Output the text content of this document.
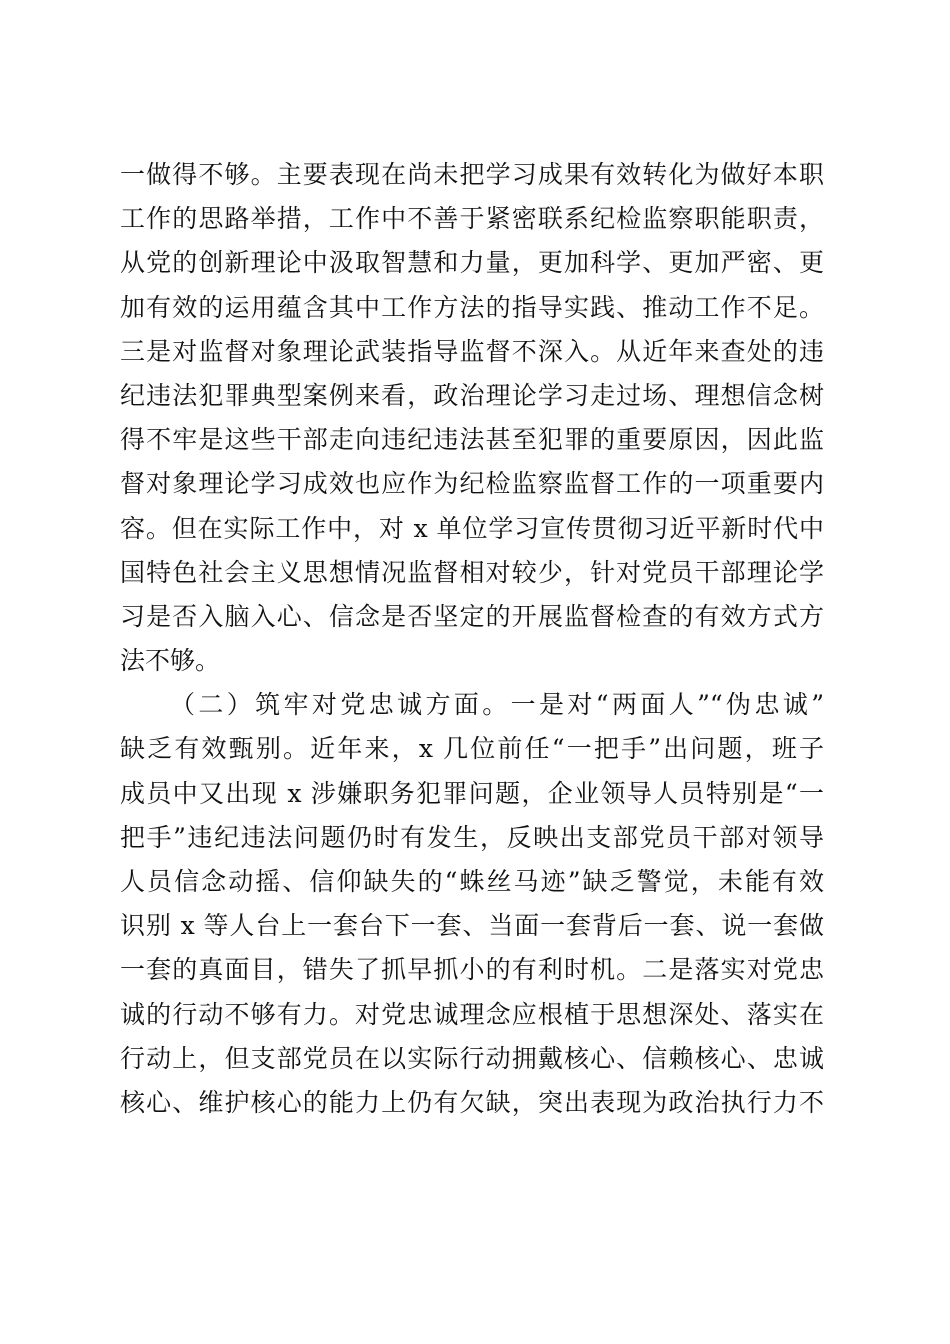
一做得不够。主要表现在尚未把学习成果有效转化为做好本职
工作的思路举措，工作中不善于紧密联系纪检监察职能职责，
从党的创新理论中汲取智慧和力量，更加科学、更加严密、更
加有效的运用蕴含其中工作方法的指导实践、推动工作不足。
三是对监督对象理论武装指导监督不深入。从近年来查处的违
纪违法犯罪典型案例来看，政治理论学习走过场、理想信念树
得不牢是这些干部走向违纪违法甚至犯罪的重要原因，因此监
督对象理论学习成效也应作为纪检监察监督工作的一项重要内
容。但在实际工作中，对 x 单位学习宣传贯彻习近平新时代中
国特色社会主义思想情况监督相对较少，针对党员干部理论学
习是否入脑入心、信念是否坚定的开展监督检查的有效方式方
法不够。
（二）筑牢对党忠诚方面。一是对“两面人”“伪忠诚”
缺乏有效甄别。近年来，x 几位前任“一把手”出问题，班子
成员中又出现 x 涉嫌职务犯罪问题，企业领导人员特别是“一
把手”违纪违法问题仍时有发生，反映出支部党员干部对领导
人员信念动摇、信仰缺失的“蛛丝马迹”缺乏警觉，未能有效
识别 x 等人台上一套台下一套、当面一套背后一套、说一套做
一套的真面目，错失了抓早抓小的有利时机。二是落实对党忠
诚的行动不够有力。对党忠诚理念应根植于思想深处、落实在
行动上，但支部党员在以实际行动拥戴核心、信赖核心、忠诚
核心、维护核心的能力上仍有欠缺，突出表现为政治执行力不
